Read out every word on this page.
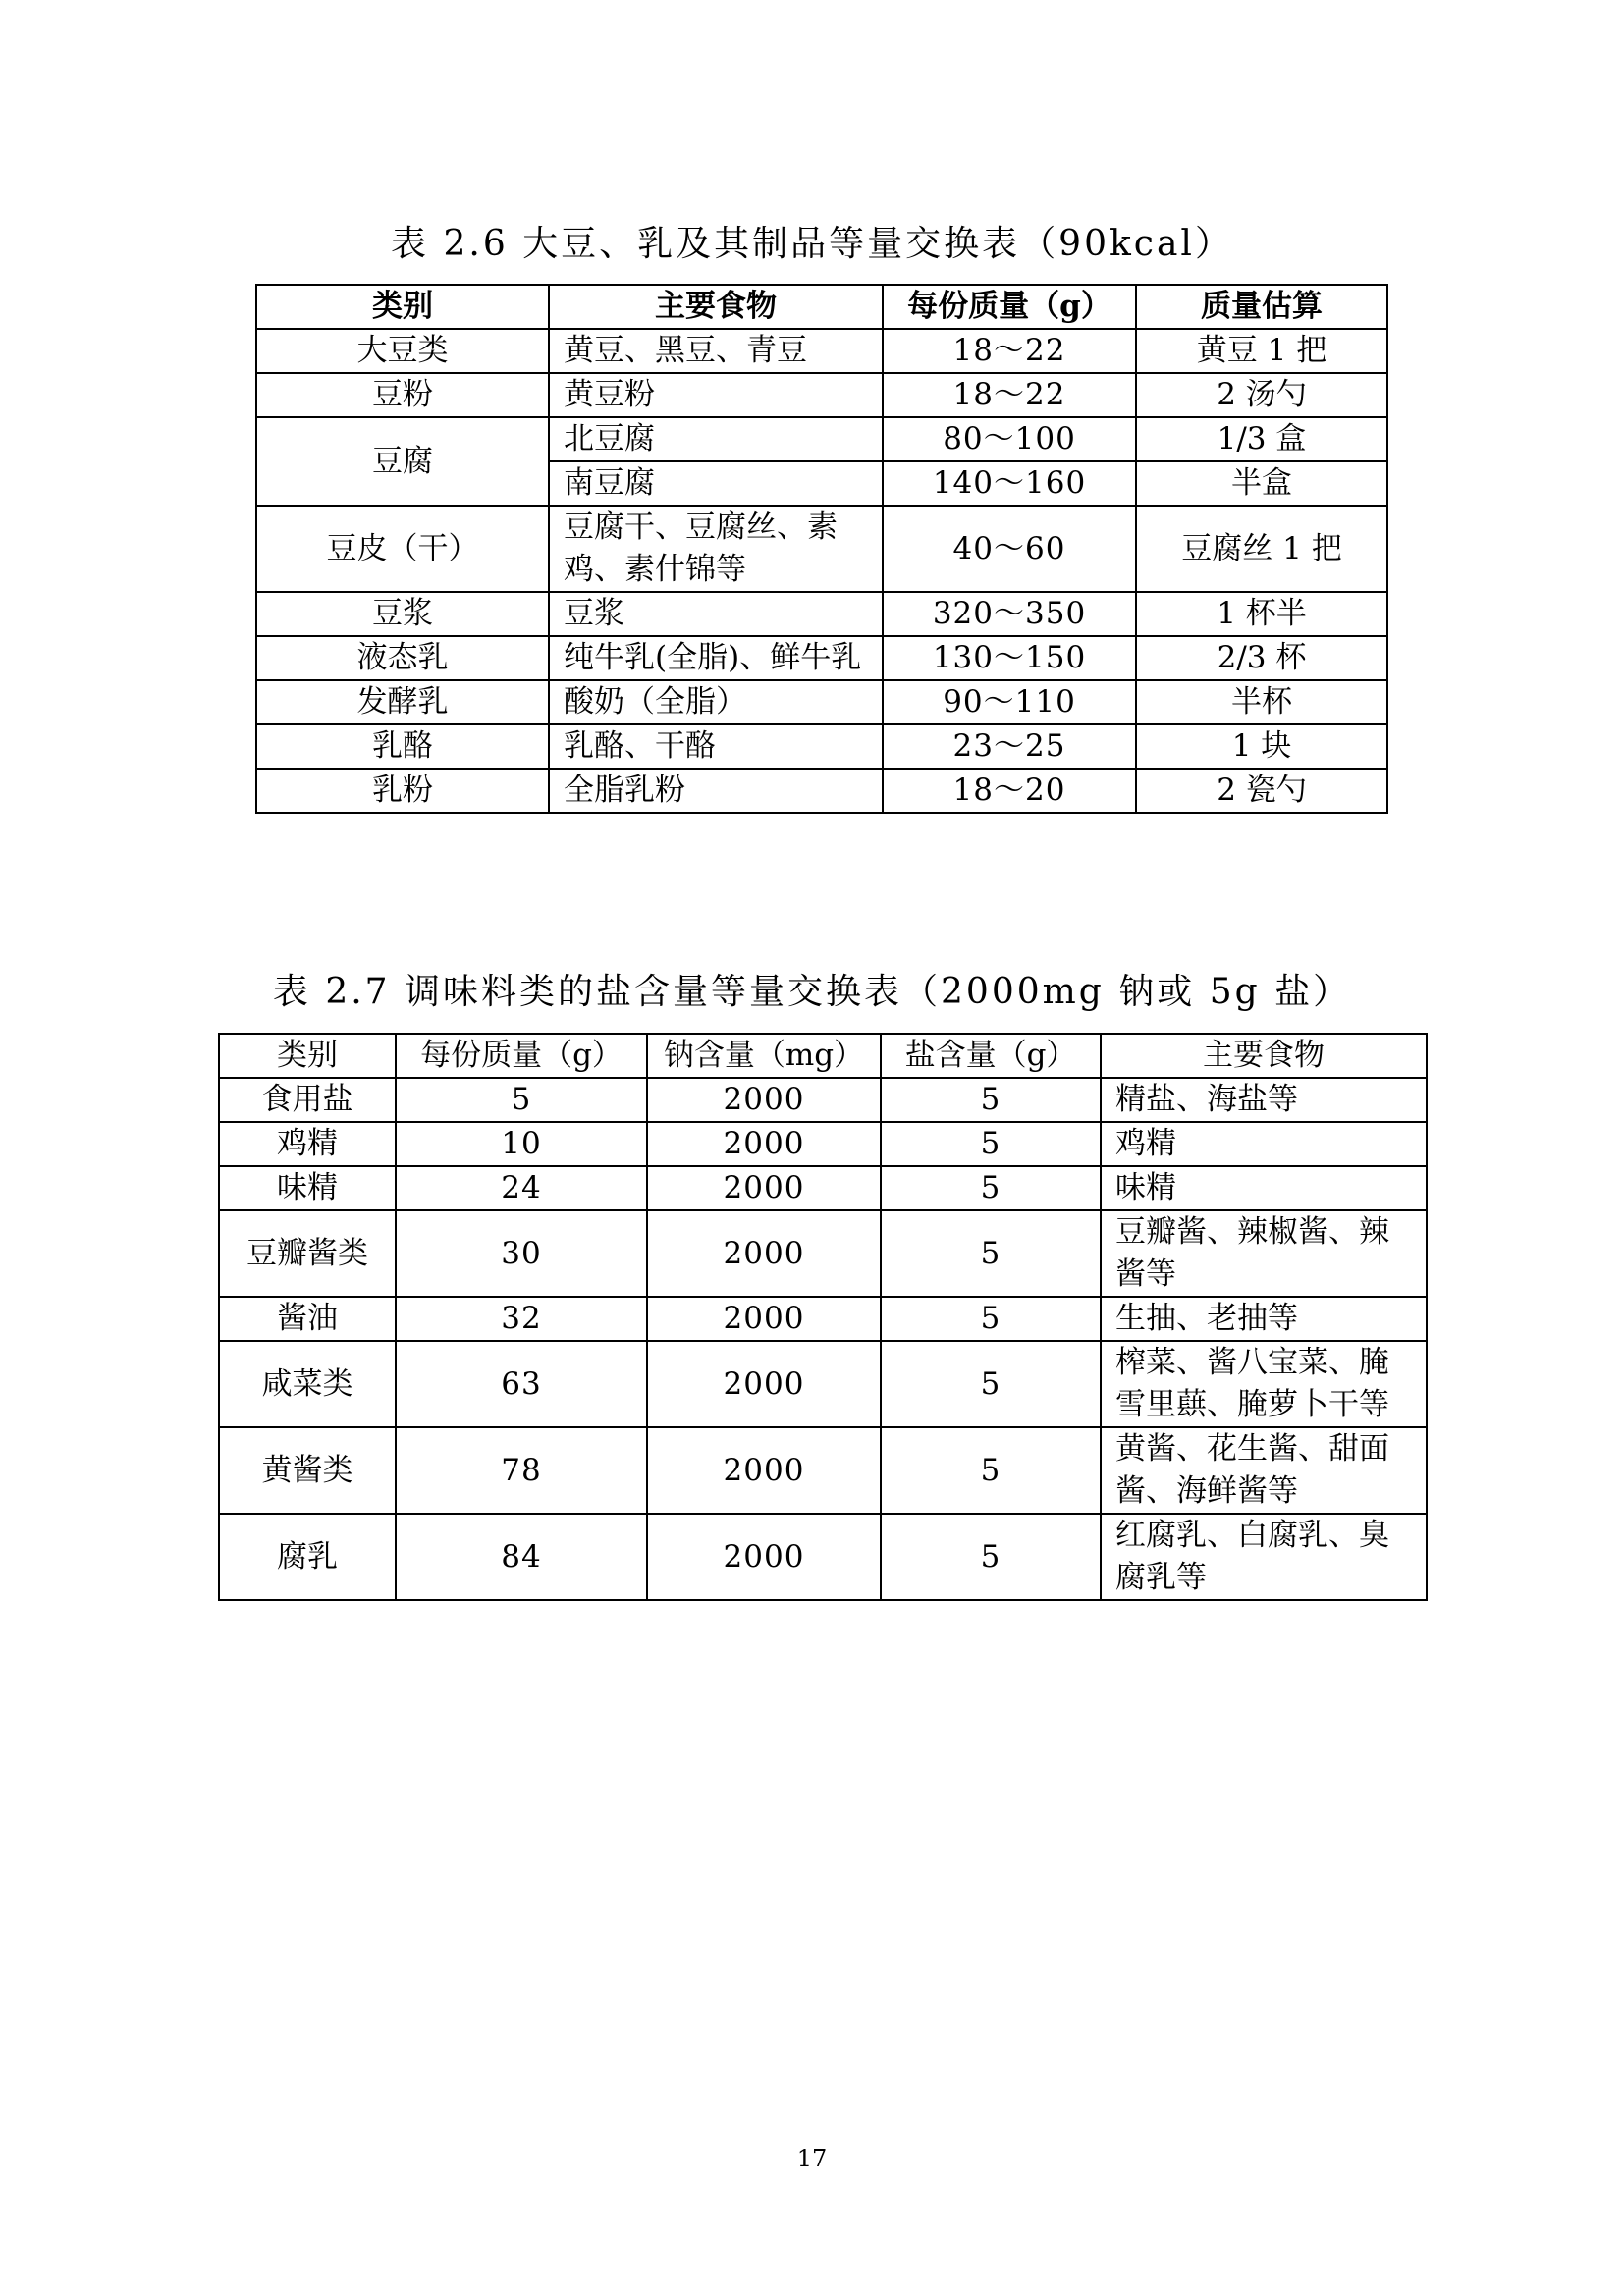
表 2.6 大豆、乳及其制品等量交换表（90kcal）
类别	主要食物	每份质量（g）	质量估算
大豆类	黄豆、黑豆、青豆	18～22	黄豆 1 把
豆粉	黄豆粉	18～22	2 汤勺
豆腐	北豆腐	80～100	1/3 盒
	南豆腐	140～160	半盒
豆皮（干）	豆腐干、豆腐丝、素鸡、素什锦等	40～60	豆腐丝 1 把
豆浆	豆浆	320～350	1 杯半
液态乳	纯牛乳(全脂)、鲜牛乳	130～150	2/3 杯
发酵乳	酸奶（全脂）	90～110	半杯
乳酪	乳酪、干酪	23～25	1 块
乳粉	全脂乳粉	18～20	2 瓷勺
表 2.7 调味料类的盐含量等量交换表（2000mg 钠或 5g 盐）
类别	每份质量（g）	钠含量（mg）	盐含量（g）	主要食物
食用盐	5	2000	5	精盐、海盐等
鸡精	10	2000	5	鸡精
味精	24	2000	5	味精
豆瓣酱类	30	2000	5	豆瓣酱、辣椒酱、辣酱等
酱油	32	2000	5	生抽、老抽等
咸菜类	63	2000	5	榨菜、酱八宝菜、腌雪里蕻、腌萝卜干等
黄酱类	78	2000	5	黄酱、花生酱、甜面酱、海鲜酱等
腐乳	84	2000	5	红腐乳、白腐乳、臭腐乳等
17
